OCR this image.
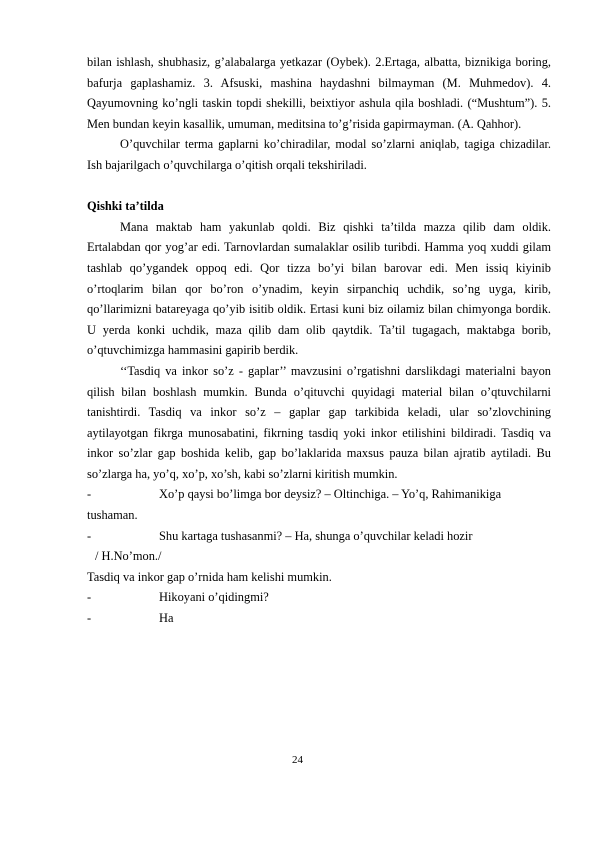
bilan ishlash, shubhasiz, g’alabalarga yetkazar (Oybek). 2.Ertaga, albatta, biznikiga boring, bafurja gaplashamiz. 3. Afsuski, mashina haydashni bilmayman (M. Muhmedov). 4. Qayumovning ko’ngli taskin topdi shekilli, beixtiyor ashula qila boshladi. (“Mushtum”). 5. Men bundan keyin kasallik, umuman, meditsina to’g’risida gapirmayman. (A. Qahhor).

O’quvchilar terma gaplarni ko’chiradilar, modal so’zlarni aniqlab, tagiga chizadilar. Ish bajarilgach o’quvchilarga o’qitish orqali tekshiriladi.

Qishki ta’tilda

Mana maktab ham yakunlab qoldi. Biz qishki ta’tilda mazza qilib dam oldik. Ertalabdan qor yog’ar edi. Tarnovlardan sumalaklar osilib turibdi. Hamma yoq xuddi gilam tashlab qo’ygandek oppoq edi. Qor tizza bo’yi bilan barovar edi. Men issiq kiyinib o’rtoqlarim bilan qor bo’ron o’ynadim, keyin sirpanchiq uchdik, so’ng uyga, kirib, qo’llarimizni batareyaga qo’yib isitib oldik. Ertasi kuni biz oilamiz bilan chimyonga bordik. U yerda konki uchdik, maza qilib dam olib qaytdik. Ta’til tugagach, maktabga borib, o’qtuvchimizga hammasini gapirib berdik.

‘‘Tasdiq va inkor so’z - gaplar’’ mavzusini o’rgatishni darslikdagi materialni bayon qilish bilan boshlash mumkin. Bunda o’qituvchi quyidagi material bilan o’qtuvchilarni tanishtirdi. Tasdiq va inkor so’z – gaplar gap tarkibida keladi, ular so’zlovchining aytilayotgan fikrga munosabatini, fikrning tasdiq yoki inkor etilishini bildiradi. Tasdiq va inkor so’zlar gap boshida kelib, gap bo’laklarida maxsus pauza bilan ajratib aytiladi. Bu so’zlarga ha, yo’q, xo’p, xo’sh, kabi so’zlarni kiritish mumkin.

-	Xo’p qaysi bo’limga bor deysiz? – Oltinchiga. – Yo’q, Rahimanikiga

tushaman.

-	Shu kartaga tushasanmi? – Ha, shunga o’quvchilar keladi hozir
/ H.No’mon./

Tasdiq va inkor gap o’rnida ham kelishi mumkin.

-	Hikoyani o’qidingmi?
-	Ha
24
